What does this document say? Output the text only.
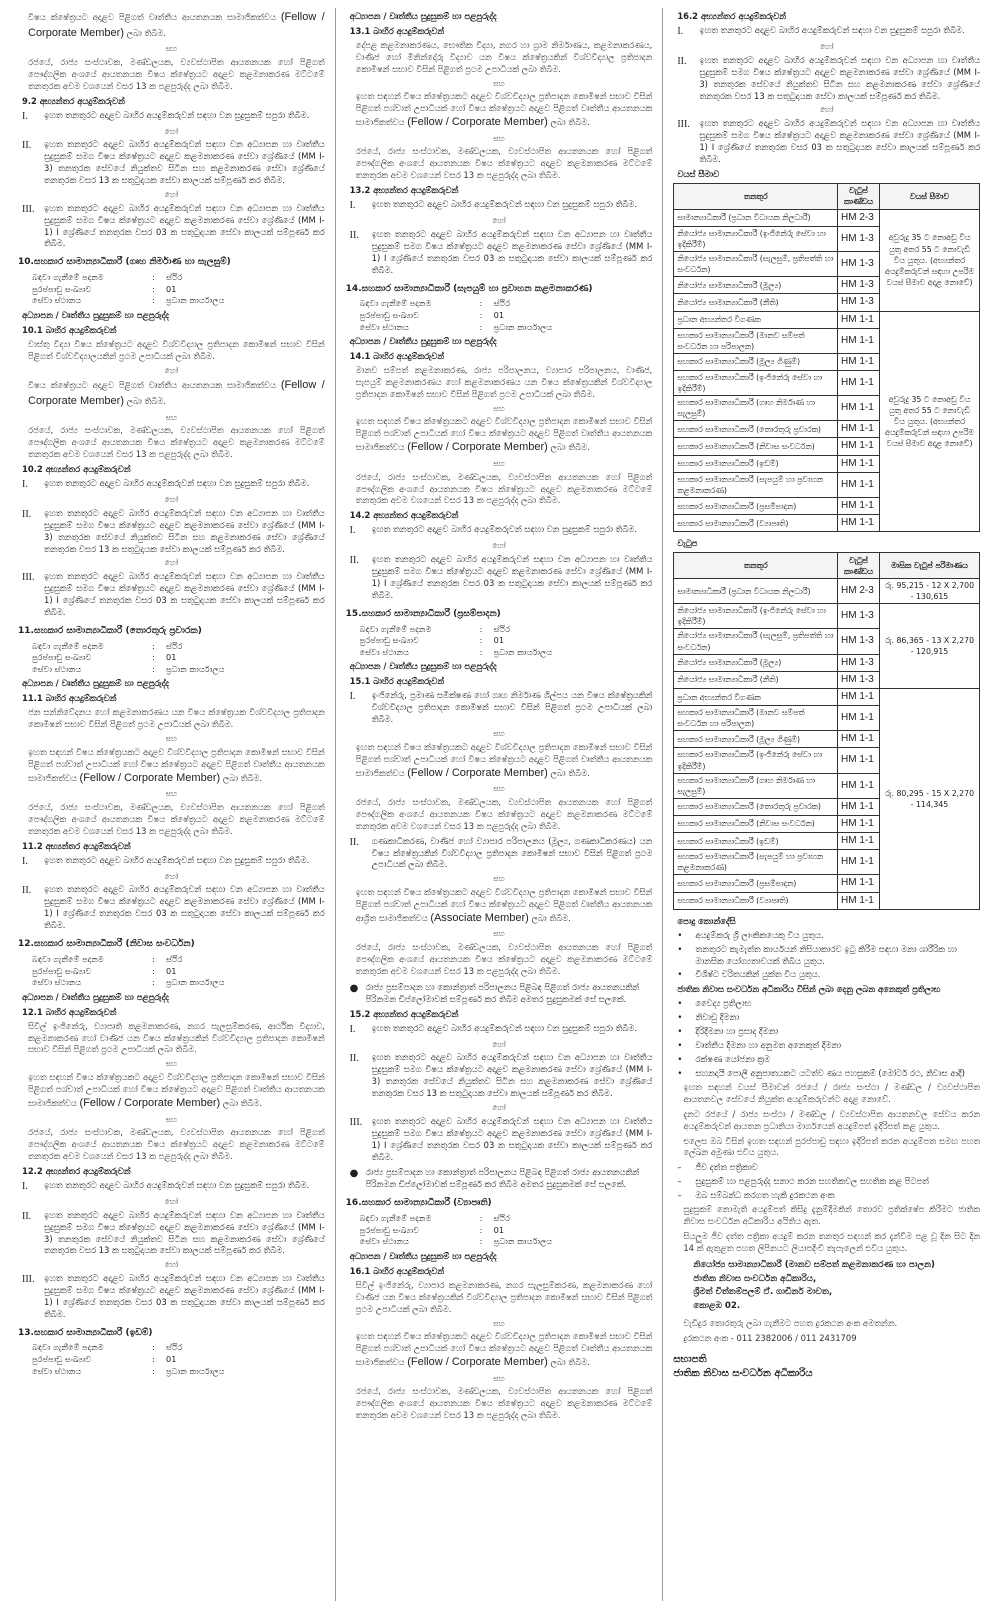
විෂය ක්ෂේත්‍රයට අදාළව පිළිගත් වෘත්තීය ආයතනයක සාමාජිකත්වය (Fellow / Corporate Member) ලබා තිබීම.

සහ

රජයේ, රාජ්‍ය සංස්ථාවක, මණ්ඩලයක, ව්‍යවස්ථාපිත ආයතනයක හෝ පිළිගත් පෞද්ගලික අංශයේ ආයතනයක විෂය ක්ෂේත්‍රයට අදාළව කළමනාකරණ මට්ටමේ තනතුරක අවම වශයෙන් වසර 13 ක පළපුරුද්ද ලබා තිබීම.

9.2 අභ්‍යන්තර අයදුම්කරුවන්
I.	ඉහත තනතුරට අදාළව බාහිර අයදුම්කරුවන් සඳහා වන සුදුසුකම් සපුරා තිබීම.
හෝ
II.	ඉහත තනතුරට අදාළව බාහිර අයදුම්කරුවන් සඳහා වන අධ්‍යාපන හා වෘත්තීය සුදුසුකම් සමග විෂය ක්ෂේත්‍රයට අදාළව කළමනාකරණ සේවා ශ්‍රේණියේ (MM I-3) තනතුරක සේවයේ නියුක්තව සිටින සහ කළමනාකරණ සේවා ශ්‍රේණියේ තනතුරක වසර 13 ක සතුටුදායක සේවා කාලයක් සම්පූර්ණ කර තිබීම.
හෝ
III.	ඉහත තනතුරට අදාළව බාහිර අයදුම්කරුවන් සඳහා වන අධ්‍යාපන හා වෘත්තීය සුදුසුකම් සමග විෂය ක්ෂේත්‍රයට අදාළව කළමනාකරණ සේවා ශ්‍රේණියේ (MM I-1) I ශ්‍රේණියේ තනතුරක වසර 03 ක සතුටුදායක සේවා කාලයක් සම්පූර්ණ කර තිබීම.
10.සහකාර සාමාන්‍යාධිකාරී (ගෘහ නිර්මාණ හා සැලසුම්)
බඳවා ගැනීමේ පදනම	:	ස්ථිර
පුරප්පාඩු සංඛ්‍යාව	:	01
සේවා ස්ථානය	:	ප්‍රධාන කාර්යාලය
අධ්‍යාපන / වෘත්තීය සුදුසුකම් හා පළපුරුද්ද
10.1 බාහිර අයදුම්කරුවන්

වාස්තු විද්‍යා විෂය ක්ෂේත්‍රයට අදාළව විශ්වවිද්‍යාල ප්‍රතිපාදන කොමිෂන් සභාව විසින් පිළිගත් විශ්වවිද්‍යාලයකින් ප්‍රථම උපාධියක් ලබා තිබීම.

හෝ

විෂය ක්ෂේත්‍රයට අදාළව පිළිගත් වෘත්තීය ආයතනයක සාමාජිකත්වය (Fellow / Corporate Member) ලබා තිබීම.

සහ

රජයේ, රාජ්‍ය සංස්ථාවක, මණ්ඩලයක, ව්‍යවස්ථාපිත ආයතනයක හෝ පිළිගත් පෞද්ගලික අංශයේ ආයතනයක විෂය ක්ෂේත්‍රයට අදාළව කළමනාකරණ මට්ටමේ තනතුරක අවම වශයෙන් වසර 13 ක පළපුරුද්ද ලබා තිබීම.

10.2 අභ්‍යන්තර අයදුම්කරුවන්
I.	ඉහත තනතුරට අදාළව බාහිර අයදුම්කරුවන් සඳහා වන සුදුසුකම් සපුරා තිබීම.
හෝ
II.	ඉහත තනතුරට අදාළව බාහිර අයදුම්කරුවන් සඳහා වන අධ්‍යාපන හා වෘත්තීය සුදුසුකම් සමග විෂය ක්ෂේත්‍රයට අදාළව කළමනාකරණ සේවා ශ්‍රේණියේ (MM I-3) තනතුරක සේවයේ නියුක්තව සිටින සහ කළමනාකරණ සේවා ශ්‍රේණියේ තනතුරක වසර 13 ක සතුටුදායක සේවා කාලයක් සම්පූර්ණ කර තිබීම.
හෝ
III.	ඉහත තනතුරට අදාළව බාහිර අයදුම්කරුවන් සඳහා වන අධ්‍යාපන හා වෘත්තීය සුදුසුකම් සමග විෂය ක්ෂේත්‍රයට අදාළව කළමනාකරණ සේවා ශ්‍රේණියේ (MM I-1) I ශ්‍රේණියේ තනතුරක වසර 03 ක සතුටුදායක සේවා කාලයක් සම්පූර්ණ කර තිබීම.
11.සහකාර සාමාන්‍යාධිකාරී (තොරතුරු ප්‍රචාරක)
බඳවා ගැනීමේ පදනම	:	ස්ථිර
පුරප්පාඩු සංඛ්‍යාව	:	01
සේවා ස්ථානය	:	ප්‍රධාන කාර්යාලය
අධ්‍යාපන / වෘත්තීය සුදුසුකම් හා පළපුරුද්ද
11.1 බාහිර අයදුම්කරුවන්

ජන සන්නිවේදනය හෝ කළමනාකරණය යන විෂය ක්ෂේත්‍රයක විශ්වවිද්‍යාල ප්‍රතිපාදන කොමිෂන් සභාව විසින් පිළිගත් ප්‍රථම උපාධියක් ලබා තිබීම.

සහ

ඉහත සඳහන් විෂය ක්ෂේත්‍රයකට අදාළව විශ්වවිද්‍යාල ප්‍රතිපාදන කොමිෂන් සභාව විසින් පිළිගත් පශ්චාත් උපාධියක් හෝ විෂය ක්ෂේත්‍රයට අදාළව පිළිගත් වෘත්තීය ආයතනයක සාමාජිකත්වය (Fellow / Corporate Member) ලබා තිබීම.

සහ

රජයේ, රාජ්‍ය සංස්ථාවක, මණ්ඩලයක, ව්‍යවස්ථාපිත ආයතනයක හෝ පිළිගත් පෞද්ගලික අංශයේ ආයතනයක විෂය ක්ෂේත්‍රයට අදාළව කළමනාකරණ මට්ටමේ තනතුරක අවම වශයෙන් වසර 13 ක පළපුරුද්ද ලබා තිබීම.

11.2 අභ්‍යන්තර අයදුම්කරුවන්
I.	ඉහත තනතුරට අදාළව බාහිර අයදුම්කරුවන් සඳහා වන සුදුසුකම් සපුරා තිබීම.
හෝ
II.	ඉහත තනතුරට අදාළව බාහිර අයදුම්කරුවන් සඳහා වන අධ්‍යාපන හා වෘත්තීය සුදුසුකම් සමග විෂය ක්ෂේත්‍රයට අදාළව කළමනාකරණ සේවා ශ්‍රේණියේ (MM I-1) I ශ්‍රේණියේ තනතුරක වසර 03 ක සතුටුදායක සේවා කාලයක් සම්පූර්ණ කර තිබීම.
12.සහකාර සාමාන්‍යාධිකාරී (නිවාස සංවර්ධන)
බඳවා ගැනීමේ පදනම	:	ස්ථිර
පුරප්පාඩු සංඛ්‍යාව	:	01
සේවා ස්ථානය	:	ප්‍රධාන කාර්යාලය
අධ්‍යාපන / වෘත්තීය සුදුසුකම් හා පළපුරුද්ද
12.1 බාහිර අයදුම්කරුවන්

සිවිල් ඉංජිනේරු, ව්‍යාපෘති කළමනාකරණ, නගර සැලසුම්කරණ, ආර්ථික විද්‍යාව, කළමනාකරණ හෝ වාණිජ යන විෂය ක්ෂේත්‍රයකින් විශ්වවිද්‍යාල ප්‍රතිපාදන කොමිෂන් සභාව විසින් පිළිගත් ප්‍රථම උපාධියක් ලබා තිබීම.

සහ

ඉහත සඳහන් විෂය ක්ෂේත්‍රයකට අදාළව විශ්වවිද්‍යාල ප්‍රතිපාදන කොමිෂන් සභාව විසින් පිළිගත් පශ්චාත් උපාධියක් හෝ විෂය ක්ෂේත්‍රයට අදාළව පිළිගත් වෘත්තීය ආයතනයක සාමාජිකත්වය (Fellow / Corporate Member) ලබා තිබීම.

සහ

රජයේ, රාජ්‍ය සංස්ථාවක, මණ්ඩලයක, ව්‍යවස්ථාපිත ආයතනයක හෝ පිළිගත් පෞද්ගලික අංශයේ ආයතනයක විෂය ක්ෂේත්‍රයට අදාළව කළමනාකරණ මට්ටමේ තනතුරක අවම වශයෙන් වසර 13 ක පළපුරුද්ද ලබා තිබීම.

12.2 අභ්‍යන්තර අයදුම්කරුවන්
I.	ඉහත තනතුරට අදාළව බාහිර අයදුම්කරුවන් සඳහා වන සුදුසුකම් සපුරා තිබීම.
හෝ
II.	ඉහත තනතුරට අදාළව බාහිර අයදුම්කරුවන් සඳහා වන අධ්‍යාපන හා වෘත්තීය සුදුසුකම් සමග විෂය ක්ෂේත්‍රයට අදාළව කළමනාකරණ සේවා ශ්‍රේණියේ (MM I-3) තනතුරක සේවයේ නියුක්තව සිටින සහ කළමනාකරණ සේවා ශ්‍රේණියේ තනතුරක වසර 13 ක සතුටුදායක සේවා කාලයක් සම්පූර්ණ කර තිබීම.
හෝ
III.	ඉහත තනතුරට අදාළව බාහිර අයදුම්කරුවන් සඳහා වන අධ්‍යාපන හා වෘත්තීය සුදුසුකම් සමග විෂය ක්ෂේත්‍රයට අදාළව කළමනාකරණ සේවා ශ්‍රේණියේ (MM I-1) I ශ්‍රේණියේ තනතුරක වසර 03 ක සතුටුදායක සේවා කාලයක් සම්පූර්ණ කර තිබීම.
13.සහකාර සාමාන්‍යාධිකාරී (ඉඩම්)
බඳවා ගැනීමේ පදනම	:	ස්ථිර
පුරප්පාඩු සංඛ්‍යාව	:	01
සේවා ස්ථානය	:	ප්‍රධාන කාර්යාලය
අධ්‍යාපන / වෘත්තීය සුදුසුකම් හා පළපුරුද්ද
13.1 බාහිර අයදුම්කරුවන්

දේපළ කළමනාකරණය, භෞතික විද්‍යා, නගර හා ග්‍රාම නිර්මාණය, කළමනාකරණය, වාණිජ හෝ මිනින්දෝරු විද්‍යාව යන විෂය ක්ෂේත්‍රයකින් විශ්වවිද්‍යාල ප්‍රතිපාදන කොමිෂන් සභාව විසින් පිළිගත් ප්‍රථම උපාධියක් ලබා තිබීම.

සහ

ඉහත සඳහන් විෂය ක්ෂේත්‍රයකට අදාළව විශ්වවිද්‍යාල ප්‍රතිපාදන කොමිෂන් සභාව විසින් පිළිගත් පශ්චාත් උපාධියක් හෝ විෂය ක්ෂේත්‍රයට අදාළව පිළිගත් වෘත්තීය ආයතනයක සාමාජිකත්වය (Fellow / Corporate Member) ලබා තිබීම.

සහ

රජයේ, රාජ්‍ය සංස්ථාවක, මණ්ඩලයක, ව්‍යවස්ථාපිත ආයතනයක හෝ පිළිගත් පෞද්ගලික අංශයේ ආයතනයක විෂය ක්ෂේත්‍රයට අදාළව කළමනාකරණ මට්ටමේ තනතුරක අවම වශයෙන් වසර 13 ක පළපුරුද්ද ලබා තිබීම.

13.2 අභ්‍යන්තර අයදුම්කරුවන්
I.	ඉහත තනතුරට අදාළව බාහිර අයදුම්කරුවන් සඳහා වන සුදුසුකම් සපුරා තිබීම.
හෝ
II.	ඉහත තනතුරට අදාළව බාහිර අයදුම්කරුවන් සඳහා වන අධ්‍යාපන හා වෘත්තීය සුදුසුකම් සමග විෂය ක්ෂේත්‍රයට අදාළව කළමනාකරණ සේවා ශ්‍රේණියේ (MM I-1) I ශ්‍රේණියේ තනතුරක වසර 03 ක සතුටුදායක සේවා කාලයක් සම්පූර්ණ කර තිබීම.
14.සහකාර සාමාන්‍යාධිකාරී (සැපයුම් හා ප්‍රවාහන කළමනාකරණ)
බඳවා ගැනීමේ පදනම	:	ස්ථිර
පුරප්පාඩු සංඛ්‍යාව	:	01
සේවා ස්ථානය	:	ප්‍රධාන කාර්යාලය
අධ්‍යාපන / වෘත්තීය සුදුසුකම් හා පළපුරුද්ද
14.1 බාහිර අයදුම්කරුවන්

මානව සම්පත් කළමනාකරණ, රාජ්‍ය පරිපාලනය, ව්‍යාපාර පරිපාලනය, වාණිජ, සැපයුම් කළමනාකරණය හෝ කළමනාකරණය යන විෂය ක්ෂේත්‍රයකින් විශ්වවිද්‍යාල ප්‍රතිපාදන කොමිෂන් සභාව විසින් පිළිගත් ප්‍රථම උපාධියක් ලබා තිබීම.

සහ

ඉහත සඳහන් විෂය ක්ෂේත්‍රයකට අදාළව විශ්වවිද්‍යාල ප්‍රතිපාදන කොමිෂන් සභාව විසින් පිළිගත් පශ්චාත් උපාධියක් හෝ විෂය ක්ෂේත්‍රයට අදාළව පිළිගත් වෘත්තීය ආයතනයක සාමාජිකත්වය (Fellow / Corporate Member) ලබා තිබීම.

සහ

රජයේ, රාජ්‍ය සංස්ථාවක, මණ්ඩලයක, ව්‍යවස්ථාපිත ආයතනයක හෝ පිළිගත් පෞද්ගලික අංශයේ ආයතනයක විෂය ක්ෂේත්‍රයට අදාළව කළමනාකරණ මට්ටමේ තනතුරක අවම වශයෙන් වසර 13 ක පළපුරුද්ද ලබා තිබීම.

14.2 අභ්‍යන්තර අයදුම්කරුවන්
I.	ඉහත තනතුරට අදාළව බාහිර අයදුම්කරුවන් සඳහා වන සුදුසුකම් සපුරා තිබීම.
හෝ
II.	ඉහත තනතුරට අදාළව බාහිර අයදුම්කරුවන් සඳහා වන අධ්‍යාපන හා වෘත්තීය සුදුසුකම් සමග විෂය ක්ෂේත්‍රයට අදාළව කළමනාකරණ සේවා ශ්‍රේණියේ (MM I-1) I ශ්‍රේණියේ තනතුරක වසර 03 ක සතුටුදායක සේවා කාලයක් සම්පූර්ණ කර තිබීම.
15.සහකාර සාමාන්‍යාධිකාරී (ප්‍රසම්පාදන)
බඳවා ගැනීමේ පදනම	:	ස්ථිර
පුරප්පාඩු සංඛ්‍යාව	:	01
සේවා ස්ථානය	:	ප්‍රධාන කාර්යාලය
අධ්‍යාපන / වෘත්තීය සුදුසුකම් හා පළපුරුද්ද
15.1 බාහිර අයදුම්කරුවන්
I.	ඉංජිනේරු, ප්‍රමාණ සමීක්ෂණ හෝ ගෘහ නිර්මාණ ශිල්පය යන විෂය ක්ෂේත්‍රයකින් විශ්වවිද්‍යාල ප්‍රතිපාදන කොමිෂන් සභාව විසින් පිළිගත් ප්‍රථම උපාධියක් ලබා තිබීම.
සහ

ඉහත සඳහන් විෂය ක්ෂේත්‍රයකට අදාළව විශ්වවිද්‍යාල ප්‍රතිපාදන කොමිෂන් සභාව විසින් පිළිගත් පශ්චාත් උපාධියක් හෝ විෂය ක්ෂේත්‍රයට අදාළව පිළිගත් වෘත්තීය ආයතනයක සාමාජිකත්වය (Fellow / Corporate Member) ලබා තිබීම.

සහ

රජයේ, රාජ්‍ය සංස්ථාවක, මණ්ඩලයක, ව්‍යවස්ථාපිත ආයතනයක හෝ පිළිගත් පෞද්ගලික අංශයේ ආයතනයක විෂය ක්ෂේත්‍රයට අදාළව කළමනාකරණ මට්ටමේ තනතුරක අවම වශයෙන් වසර 13 ක පළපුරුද්ද ලබා තිබීම.

II.	ගණකාධිකරණ, වාණිජ හෝ ව්‍යාපාර පරිපාලනය (මූල්‍ය, ගණකාධිකරණය) යන විෂය ක්ෂේත්‍රයකින් විශ්වවිද්‍යාල ප්‍රතිපාදන කොමිෂන් සභාව විසින් පිළිගත් ප්‍රථම උපාධියක් ලබා තිබීම.
සහ

ඉහත සඳහන් විෂය ක්ෂේත්‍රයකට අදාළව විශ්වවිද්‍යාල ප්‍රතිපාදන කොමිෂන් සභාව විසින් පිළිගත් පශ්චාත් උපාධියක් හෝ විෂය ක්ෂේත්‍රයට අදාළව පිළිගත් වෘත්තීය ආයතනයක ආශ්‍රිත සාමාජිකත්වය (Associate Member) ලබා තිබීම.

සහ

රජයේ, රාජ්‍ය සංස්ථාවක, මණ්ඩලයක, ව්‍යවස්ථාපිත ආයතනයක හෝ පිළිගත් පෞද්ගලික අංශයේ ආයතනයක විෂය ක්ෂේත්‍රයට අදාළව කළමනාකරණ මට්ටමේ තනතුරක අවම වශයෙන් වසර 13 ක පළපුරුද්ද ලබා තිබීම.

● රාජ්‍ය ප්‍රසම්පාදන හා කොන්ත්‍රාත් පරිපාලනය පිළිබඳ පිළිගත් රාජ්‍ය ආයතනයකින් පිරිනමන ඩිප්ලෝමාවක් සම්පූර්ණ කර තිබීම අමතර සුදුසුකමක් සේ සලකේ.
15.2 අභ්‍යන්තර අයදුම්කරුවන්
I.	ඉහත තනතුරට අදාළව බාහිර අයදුම්කරුවන් සඳහා වන සුදුසුකම් සපුරා තිබීම.
හෝ
II.	ඉහත තනතුරට අදාළව බාහිර අයදුම්කරුවන් සඳහා වන අධ්‍යාපන හා වෘත්තීය සුදුසුකම් සමග විෂය ක්ෂේත්‍රයට අදාළව කළමනාකරණ සේවා ශ්‍රේණියේ (MM I-3) තනතුරක සේවයේ නියුක්තව සිටින සහ කළමනාකරණ සේවා ශ්‍රේණියේ තනතුරක වසර 13 ක සතුටුදායක සේවා කාලයක් සම්පූර්ණ කර තිබීම.
හෝ
III.	ඉහත තනතුරට අදාළව බාහිර අයදුම්කරුවන් සඳහා වන අධ්‍යාපන හා වෘත්තීය සුදුසුකම් සමග විෂය ක්ෂේත්‍රයට අදාළව කළමනාකරණ සේවා ශ්‍රේණියේ (MM I-1) I ශ්‍රේණියේ තනතුරක වසර 03 ක සතුටුදායක සේවා කාලයක් සම්පූර්ණ කර තිබීම.
● රාජ්‍ය ප්‍රසම්පාදන හා කොන්ත්‍රාත් පරිපාලනය පිළිබඳ පිළිගත් රාජ්‍ය ආයතනයකින් පිරිනමන ඩිප්ලෝමාවක් සම්පූර්ණ කර තිබීම අමතර සුදුසුකමක් සේ සලකේ.
16.සහකාර සාමාන්‍යාධිකාරී (ව්‍යාපෘති)
බඳවා ගැනීමේ පදනම	:	ස්ථිර
පුරප්පාඩු සංඛ්‍යාව	:	01
සේවා ස්ථානය	:	ප්‍රධාන කාර්යාලය
අධ්‍යාපන / වෘත්තීය සුදුසුකම් හා පළපුරුද්ද
16.1 බාහිර අයදුම්කරුවන්

සිවිල් ඉංජිනේරු, ව්‍යාපාර කළමනාකරණ, නගර සැලසුම්කරණ, කළමනාකරණ හෝ වාණිජ යන විෂය ක්ෂේත්‍රයකින් විශ්වවිද්‍යාල ප්‍රතිපාදන කොමිෂන් සභාව විසින් පිළිගත් ප්‍රථම උපාධියක් ලබා තිබීම.

සහ

ඉහත සඳහන් විෂය ක්ෂේත්‍රයකට අදාළව විශ්වවිද්‍යාල ප්‍රතිපාදන කොමිෂන් සභාව විසින් පිළිගත් පශ්චාත් උපාධියක් හෝ විෂය ක්ෂේත්‍රයට අදාළව පිළිගත් වෘත්තීය ආයතනයක සාමාජිකත්වය (Fellow / Corporate Member) ලබා තිබීම.

සහ

රජයේ, රාජ්‍ය සංස්ථාවක, මණ්ඩලයක, ව්‍යවස්ථාපිත ආයතනයක හෝ පිළිගත් පෞද්ගලික අංශයේ ආයතනයක විෂය ක්ෂේත්‍රයට අදාළව කළමනාකරණ මට්ටමේ තනතුරක අවම වශයෙන් වසර 13 ක පළපුරුද්ද ලබා තිබීම.

16.2 අභ්‍යන්තර අයදුම්කරුවන්
I.	ඉහත තනතුරට අදාළව බාහිර අයදුම්කරුවන් සඳහා වන සුදුසුකම් සපුරා තිබීම.
හෝ
II.	ඉහත තනතුරට අදාළව බාහිර අයදුම්කරුවන් සඳහා වන අධ්‍යාපන හා වෘත්තීය සුදුසුකම් සමග විෂය ක්ෂේත්‍රයට අදාළව කළමනාකරණ සේවා ශ්‍රේණියේ (MM I-3) තනතුරක සේවයේ නියුක්තව සිටින සහ කළමනාකරණ සේවා ශ්‍රේණියේ තනතුරක වසර 13 ක සතුටුදායක සේවා කාලයක් සම්පූර්ණ කර තිබීම.
හෝ
III.	ඉහත තනතුරට අදාළව බාහිර අයදුම්කරුවන් සඳහා වන අධ්‍යාපන හා වෘත්තීය සුදුසුකම් සමග විෂය ක්ෂේත්‍රයට අදාළව කළමනාකරණ සේවා ශ්‍රේණියේ (MM I-1) I ශ්‍රේණියේ තනතුරක වසර 03 ක සතුටුදායක සේවා කාලයක් සම්පූර්ණ කර තිබීම.
වයස් සීමාව
තනතුර	වැටුප් කාණ්ඩය	වයස් සීමාව
සාමාන්‍යාධිකාරී (ප්‍රධාන විධායක නිලධාරී)	HM 2-3	අවුරුදු 35 ට නොඅඩු විය යුතු අතර 55 ට නොවැඩි විය යුතුය. (අභ්‍යන්තර අයදුම්කරුවන් සඳහා උපරිම වයස් සීමාව අදාළ නොවේ)
නියෝජ්‍ය සාමාන්‍යාධිකාරී (ඉංජිනේරු සේවා හා ඉදිකිරීම්)	HM 1-3	
නියෝජ්‍ය සාමාන්‍යාධිකාරී (සැලසුම්, ප්‍රතිපත්ති හා සංවර්ධන)	HM 1-3	
නියෝජ්‍ය සාමාන්‍යාධිකාරී (මූල්‍ය)	HM 1-3	
නියෝජ්‍ය සාමාන්‍යාධිකාරී (නීති)	HM 1-3	
ප්‍රධාන අභ්‍යන්තර විගණක	HM 1-1	අවුරුදු 35 ට නොඅඩු විය යුතු අතර 55 ට නොවැඩි විය යුතුය. (අභ්‍යන්තර අයදුම්කරුවන් සඳහා උපරිම වයස් සීමාව අදාළ නොවේ)
සහකාර සාමාන්‍යාධිකාරී (මානව සම්පත් සංවර්ධන හා පරිපාලන)	HM 1-1	
සහකාර සාමාන්‍යාධිකාරී (මූල්‍ය ගිණුම්)	HM 1-1	
සහකාර සාමාන්‍යාධිකාරී (ඉංජිනේරු සේවා හා ඉදිකිරීම්)	HM 1-1	
සහකාර සාමාන්‍යාධිකාරී (ගෘහ නිර්මාණ හා සැලසුම්)	HM 1-1	
සහකාර සාමාන්‍යාධිකාරී (තොරතුරු ප්‍රචාරක)	HM 1-1	
සහකාර සාමාන්‍යාධිකාරී (නිවාස සංවර්ධන)	HM 1-1	
සහකාර සාමාන්‍යාධිකාරී (ඉඩම්)	HM 1-1	
සහකාර සාමාන්‍යාධිකාරී (සැපයුම් හා ප්‍රවාහන කළමනාකරණ)	HM 1-1	
සහකාර සාමාන්‍යාධිකාරී (ප්‍රසම්පාදන)	HM 1-1	
සහකාර සාමාන්‍යාධිකාරී (ව්‍යාපෘති)	HM 1-1	
වැටුප
තනතුර	වැටුප් කාණ්ඩය	මාසික වැටුප් පරිමාණය
සාමාන්‍යාධිකාරී (ප්‍රධාන විධායක නිලධාරී)	HM 2-3	රු. 95,215 - 12 X 2,700 - 130,615
නියෝජ්‍ය සාමාන්‍යාධිකාරී (ඉංජිනේරු සේවා හා ඉදිකිරීම්)	HM 1-3	රු. 86,365 - 13 X 2,270 - 120,915
නියෝජ්‍ය සාමාන්‍යාධිකාරී (සැලසුම්, ප්‍රතිපත්ති හා සංවර්ධන)	HM 1-3	
නියෝජ්‍ය සාමාන්‍යාධිකාරී (මූල්‍ය)	HM 1-3	
නියෝජ්‍ය සාමාන්‍යාධිකාරී (නීති)	HM 1-3	
ප්‍රධාන අභ්‍යන්තර විගණක	HM 1-1	රු. 80,295 - 15 X 2,270 - 114,345
සහකාර සාමාන්‍යාධිකාරී (මානව සම්පත් සංවර්ධන හා පරිපාලන)	HM 1-1	
සහකාර සාමාන්‍යාධිකාරී (මූල්‍ය ගිණුම්)	HM 1-1	
සහකාර සාමාන්‍යාධිකාරී (ඉංජිනේරු සේවා හා ඉදිකිරීම්)	HM 1-1	
සහකාර සාමාන්‍යාධිකාරී (ගෘහ නිර්මාණ හා සැලසුම්)	HM 1-1	
සහකාර සාමාන්‍යාධිකාරී (තොරතුරු ප්‍රචාරක)	HM 1-1	
සහකාර සාමාන්‍යාධිකාරී (නිවාස සංවර්ධන)	HM 1-1	
සහකාර සාමාන්‍යාධිකාරී (ඉඩම්)	HM 1-1	
සහකාර සාමාන්‍යාධිකාරී (සැපයුම් හා ප්‍රවාහන කළමනාකරණ)	HM 1-1	
සහකාර සාමාන්‍යාධිකාරී (ප්‍රසම්පාදන)	HM 1-1	
සහකාර සාමාන්‍යාධිකාරී (ව්‍යාපෘති)	HM 1-1	
පොදු කොන්දේසි
•	අයදුම්කරු ශ්‍රී ලාංකිකයෙකු විය යුතුය.
•	තනතුරට කැමැත්ත කාර්යයන් නිසියාකාරව ඉටු කිරීම සඳහා මනා ශාරීරික හා මානසික යෝග්‍යතාවයක් තිබිය යුතුය.
•	විශිෂ්ට චරිතයකින් යුක්ත විය යුතුය.
ජාතික නිවාස සංවර්ධන අධිකාරිය විසින් ලබා දෙනු ලබන අනෙකුත් ප්‍රතිලාභ
•	වෛද්‍ය ප්‍රතිලාභ
•	නිවාඩු දීමනා
•	දිරිදීමනා හා ප්‍රසාද දීමනා
•	වෘත්තීය දීමනා හා අනුමත අනෙකුත් දීමනා
•	රක්ෂණ යෝජනා ක්‍රම
•	සහනදායී පොලී අනුපාතයකට යටත්ව ණය පහසුකම් (මෝටර් රථ, නිවාස ආදී)

ඉහත සඳහන් වයස් සීමාවන් රජයේ / රාජ්‍ය සංස්ථා / මණ්ඩල / ව්‍යවස්ථාපිත ආයතනවල සේවයේ නියුක්ත අයදුම්කරුවන්ට අදාළ නොවේ.

දැනට රජයේ / රාජ්‍ය සංස්ථා / මණ්ඩල / ව්‍යවස්ථාපිත ආයතනවල සේවය කරන අයදුම්කරුවන් ආයතන ප්‍රධානියා මාර්ගයෙන් අයදුම්පත් ඉදිරිපත් කළ යුතුය.

එලෙස ඔබ විසින් ඉහත සඳහන් පුරප්පාඩු සඳහා ඉදිරිපත් කරන අයදුම්පත සමඟ පහත ලේඛන අමුණා එවිය යුතුය.

–	ජීව දත්ත පත්‍රිකාව
–	සුදුසුකම් හා පළපුරුද්ද සනාථ කරන සහතිකවල සහතික කළ පිටපත්
–	ඔබ සම්බන්ධ කරගත හැකි දුරකථන අංක

සුදුසුකම් නොමැති අයදුම්පත් කිසිදු දැනුම්දීමකින් තොරව ප්‍රතික්ෂේප කිරීමට ජාතික නිවාස සංවර්ධන අධිකාරිය අයිතිය ඇත.

සියලුම ජීව දත්ත පත්‍රිකා අයදුම් කරන තනතුර සඳහන් කර දැන්වීම පළ වූ දින සිට දින 14 ක් ඇතුළත පහත ලිපිනයට ලියාපදිංචි තැපෑලෙන් එවිය යුතුය.

නියෝජ්‍ය සාමාන්‍යාධිකාරී (මානව සම්පත් කළමනාකරණ හා පාලන)
ජාතික නිවාස සංවර්ධන අධිකාරිය,
ශ්‍රීමත් චිත්තම්පලම් ඒ. ගාඩිනර් මාවත,
කොළඹ 02.

වැඩිදුර තොරතුරු ලබා ගැනීමට පහත දුරකථන අංක අමතන්න.

දුරකථන අංක - 011 2382006 / 011 2431709

සභාපති
ජාතික නිවාස සංවර්ධන අධිකාරිය
